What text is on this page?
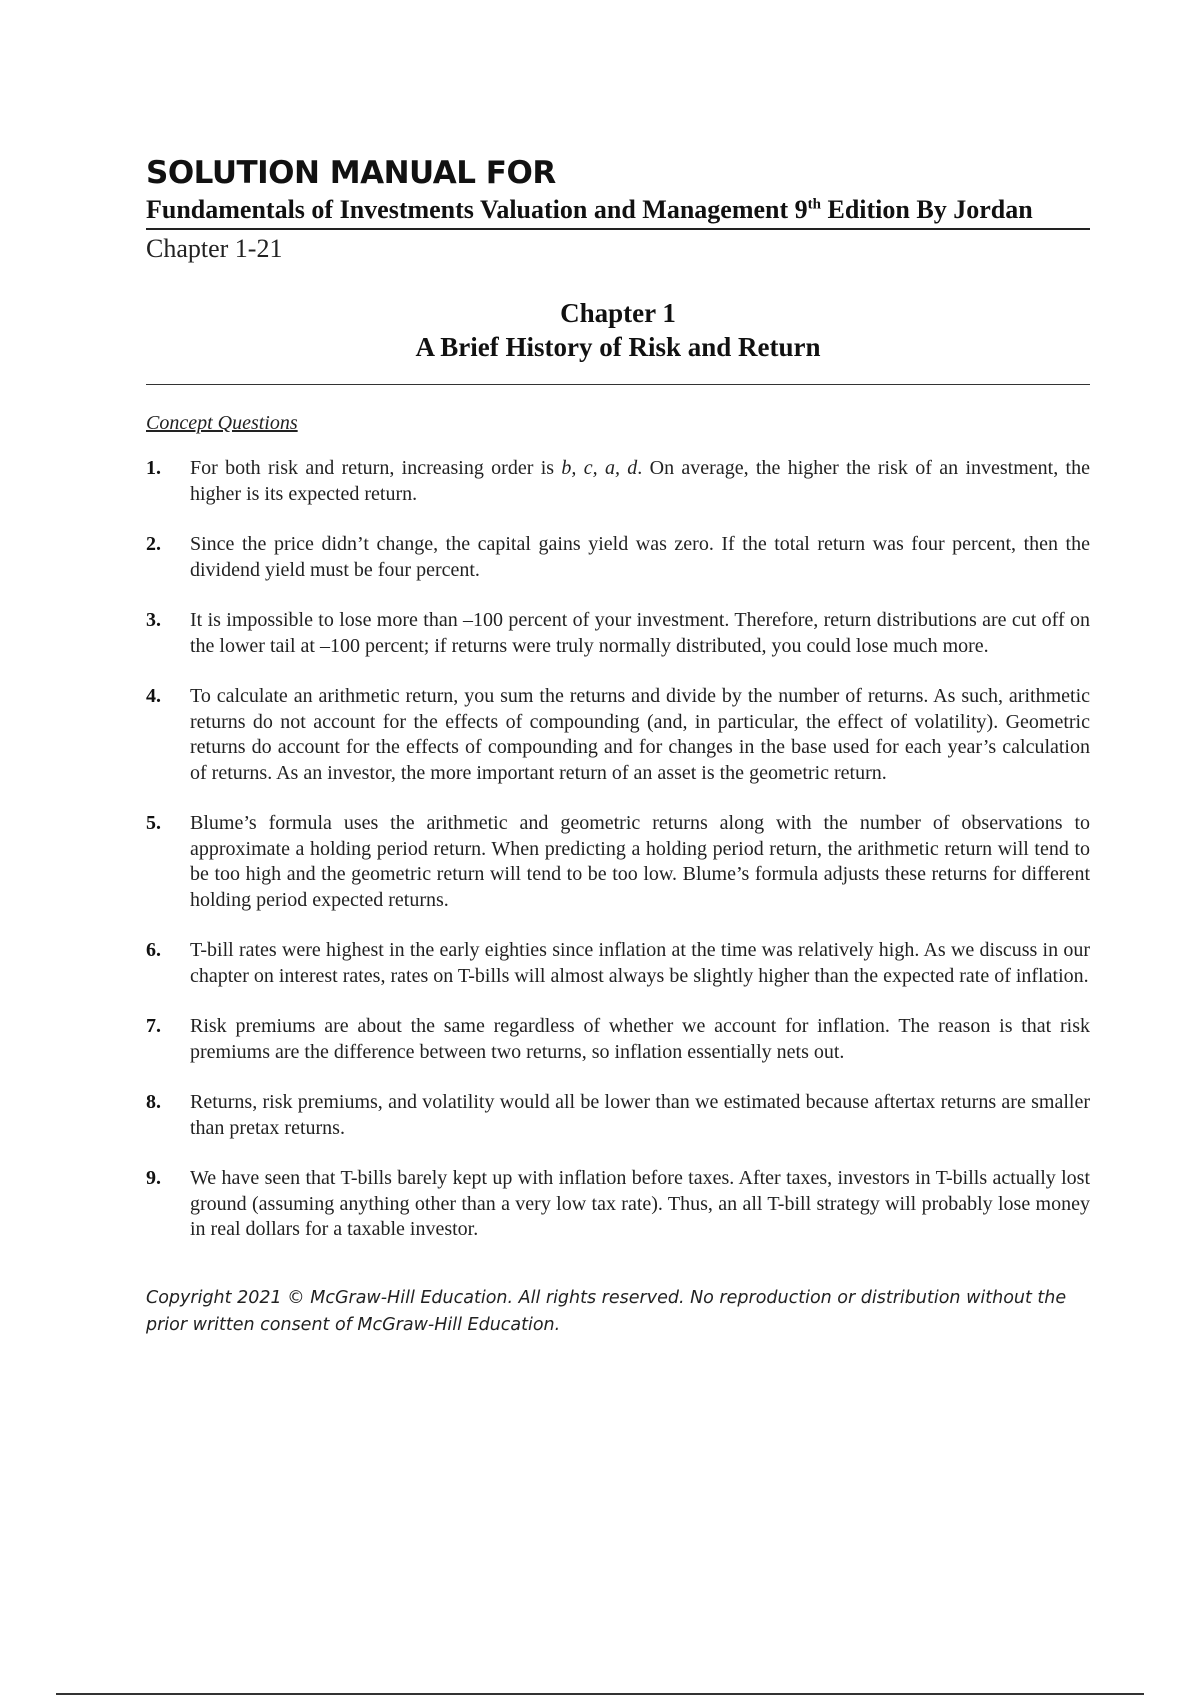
SOLUTION MANUAL FOR
Fundamentals of Investments Valuation and Management 9th Edition By Jordan
Chapter 1-21
Chapter 1
A Brief History of Risk and Return
Concept Questions
1.	For both risk and return, increasing order is b, c, a, d. On average, the higher the risk of an investment, the higher is its expected return.
2.	Since the price didn’t change, the capital gains yield was zero. If the total return was four percent, then the dividend yield must be four percent.
3.	It is impossible to lose more than –100 percent of your investment. Therefore, return distributions are cut off on the lower tail at –100 percent; if returns were truly normally distributed, you could lose much more.
4.	To calculate an arithmetic return, you sum the returns and divide by the number of returns. As such, arithmetic returns do not account for the effects of compounding (and, in particular, the effect of volatility). Geometric returns do account for the effects of compounding and for changes in the base used for each year’s calculation of returns. As an investor, the more important return of an asset is the geometric return.
5.	Blume’s formula uses the arithmetic and geometric returns along with the number of observations to approximate a holding period return. When predicting a holding period return, the arithmetic return will tend to be too high and the geometric return will tend to be too low. Blume’s formula adjusts these returns for different holding period expected returns.
6.	T-bill rates were highest in the early eighties since inflation at the time was relatively high. As we discuss in our chapter on interest rates, rates on T-bills will almost always be slightly higher than the expected rate of inflation.
7.	Risk premiums are about the same regardless of whether we account for inflation. The reason is that risk premiums are the difference between two returns, so inflation essentially nets out.
8.	Returns, risk premiums, and volatility would all be lower than we estimated because aftertax returns are smaller than pretax returns.
9.	We have seen that T-bills barely kept up with inflation before taxes. After taxes, investors in T-bills actually lost ground (assuming anything other than a very low tax rate). Thus, an all T-bill strategy will probably lose money in real dollars for a taxable investor.
Copyright 2021 © McGraw-Hill Education. All rights reserved. No reproduction or distribution without the prior written consent of McGraw-Hill Education.
